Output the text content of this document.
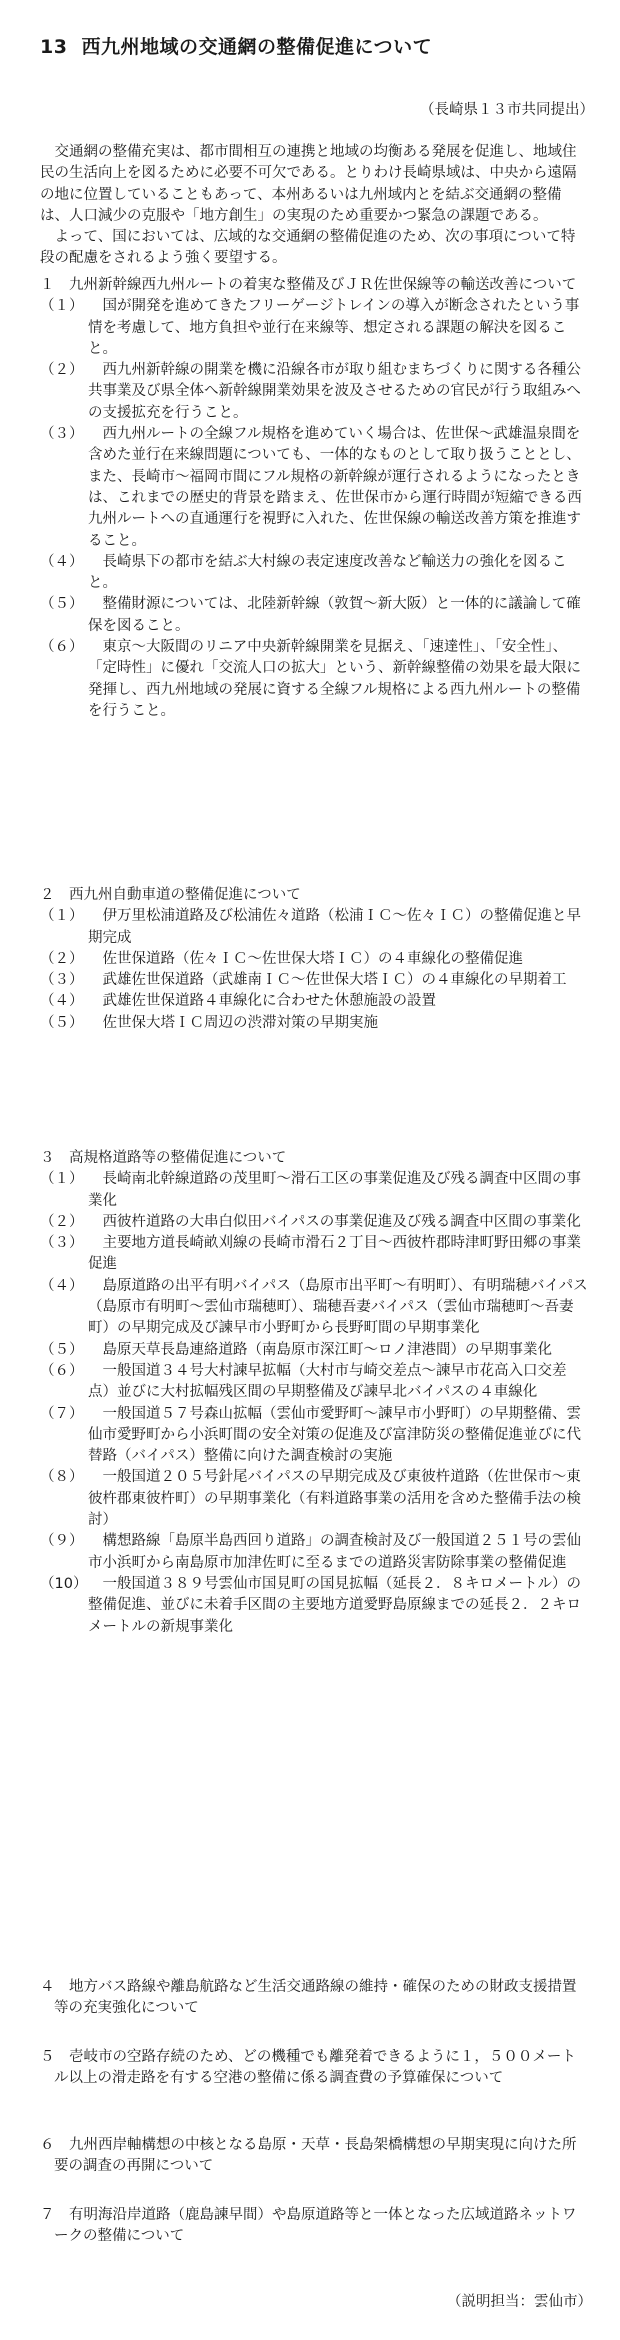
13 西九州地域の交通網の整備促進について
（長崎県１３市共同提出）

　交通網の整備充実は、都市間相互の連携と地域の均衡ある発展を促進し、地域住民の生活向上を図るために必要不可欠である。とりわけ長崎県域は、中央から遠隔の地に位置していることもあって、本州あるいは九州域内とを結ぶ交通網の整備は、人口減少の克服や「地方創生」の実現のため重要かつ緊急の課題である。

　よって、国においては、広域的な交通網の整備促進のため、次の事項について特段の配慮をされるよう強く要望する。

１　九州新幹線西九州ルートの着実な整備及びＪＲ佐世保線等の輸送改善について

（１） 　国が開発を進めてきたフリーゲージトレインの導入が断念されたという事情を考慮して、地方負担や並行在来線等、想定される課題の解決を図ること。

（２） 　西九州新幹線の開業を機に沿線各市が取り組むまちづくりに関する各種公共事業及び県全体へ新幹線開業効果を波及させるための官民が行う取組みへの支援拡充を行うこと。

（３） 　西九州ルートの全線フル規格を進めていく場合は、佐世保〜武雄温泉間を含めた並行在来線問題についても、一体的なものとして取り扱うこととし、また、長崎市〜福岡市間にフル規格の新幹線が運行されるようになったときは、これまでの歴史的背景を踏まえ、佐世保市から運行時間が短縮できる西九州ルートへの直通運行を視野に入れた、佐世保線の輸送改善方策を推進すること。

（４） 　長崎県下の都市を結ぶ大村線の表定速度改善など輸送力の強化を図ること。

（５） 　整備財源については、北陸新幹線（敦賀〜新大阪）と一体的に議論して確保を図ること。

（６） 　東京〜大阪間のリニア中央新幹線開業を見据え、「速達性」、「安全性」、「定時性」に優れ「交流人口の拡大」という、新幹線整備の効果を最大限に発揮し、西九州地域の発展に資する全線フル規格による西九州ルートの整備を行うこと。

２　西九州自動車道の整備促進について

（１） 　伊万里松浦道路及び松浦佐々道路（松浦ＩＣ〜佐々ＩＣ）の整備促進と早期完成

（２） 　佐世保道路（佐々ＩＣ〜佐世保大塔ＩＣ）の４車線化の整備促進

（３） 　武雄佐世保道路（武雄南ＩＣ〜佐世保大塔ＩＣ）の４車線化の早期着工

（４） 　武雄佐世保道路４車線化に合わせた休憩施設の設置

（５） 　佐世保大塔ＩＣ周辺の渋滞対策の早期実施

３　高規格道路等の整備促進について

（１） 　長崎南北幹線道路の茂里町〜滑石工区の事業促進及び残る調査中区間の事業化

（２） 　西彼杵道路の大串白似田バイパスの事業促進及び残る調査中区間の事業化

（３） 　主要地方道長崎畝刈線の長崎市滑石２丁目〜西彼杵郡時津町野田郷の事業促進

（４） 　島原道路の出平有明バイパス（島原市出平町〜有明町）、有明瑞穂バイパス（島原市有明町〜雲仙市瑞穂町）、瑞穂吾妻バイパス（雲仙市瑞穂町〜吾妻町）の早期完成及び諫早市小野町から長野町間の早期事業化

（５） 　島原天草長島連絡道路（南島原市深江町〜ロノ津港間）の早期事業化

（６） 　一般国道３４号大村諫早拡幅（大村市与崎交差点〜諫早市花高入口交差点）並びに大村拡幅残区間の早期整備及び諫早北バイパスの４車線化

（７） 　一般国道５７号森山拡幅（雲仙市愛野町〜諫早市小野町）の早期整備、雲仙市愛野町から小浜町間の安全対策の促進及び富津防災の整備促進並びに代替路（バイパス）整備に向けた調査検討の実施

（８） 　一般国道２０５号針尾バイパスの早期完成及び東彼杵道路（佐世保市〜東彼杵郡東彼杵町）の早期事業化（有料道路事業の活用を含めた整備手法の検討）

（９） 　構想路線「島原半島西回り道路」の調査検討及び一般国道２５１号の雲仙市小浜町から南島原市加津佐町に至るまでの道路災害防除事業の整備促進

（10） 　一般国道３８９号雲仙市国見町の国見拡幅（延長２．８キロメートル）の整備促進、並びに未着手区間の主要地方道愛野島原線までの延長２．２キロメートルの新規事業化

４　地方バス路線や離島航路など生活交通路線の維持・確保のための財政支援措置等の充実強化について

５　壱岐市の空路存続のため、どの機種でも離発着できるように１，５００メートル以上の滑走路を有する空港の整備に係る調査費の予算確保について

６　九州西岸軸構想の中核となる島原・天草・長島架橋構想の早期実現に向けた所要の調査の再開について

７　有明海沿岸道路（鹿島諫早間）や島原道路等と一体となった広域道路ネットワークの整備について

（説明担当：雲仙市）
